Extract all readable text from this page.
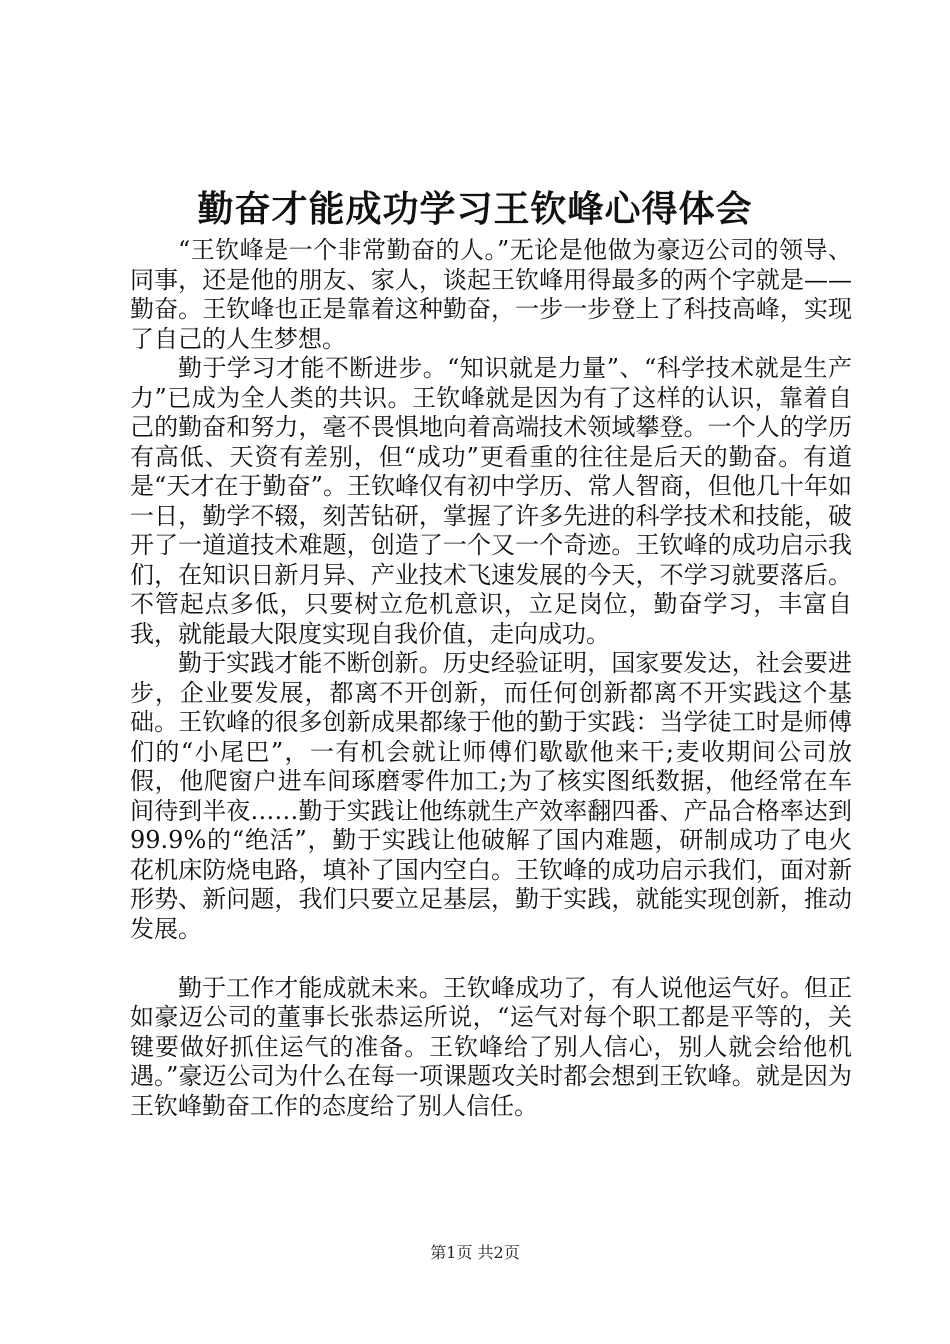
勤奋才能成功学习王钦峰心得体会

“王钦峰是一个非常勤奋的人。”无论是他做为豪迈公司的领导、同事，还是他的朋友、家人，谈起王钦峰用得最多的两个字就是——勤奋。王钦峰也正是靠着这种勤奋，一步一步登上了科技高峰，实现了自己的人生梦想。

勤于学习才能不断进步。“知识就是力量”、“科学技术就是生产力”已成为全人类的共识。王钦峰就是因为有了这样的认识，靠着自己的勤奋和努力，毫不畏惧地向着高端技术领域攀登。一个人的学历有高低、天资有差别，但“成功”更看重的往往是后天的勤奋。有道是“天才在于勤奋”。王钦峰仅有初中学历、常人智商，但他几十年如一日，勤学不辍，刻苦钻研，掌握了许多先进的科学技术和技能，破开了一道道技术难题，创造了一个又一个奇迹。王钦峰的成功启示我们，在知识日新月异、产业技术飞速发展的今天，不学习就要落后。不管起点多低，只要树立危机意识，立足岗位，勤奋学习，丰富自我，就能最大限度实现自我价值，走向成功。

勤于实践才能不断创新。历史经验证明，国家要发达，社会要进步，企业要发展，都离不开创新，而任何创新都离不开实践这个基础。王钦峰的很多创新成果都缘于他的勤于实践：当学徒工时是师傅们的“小尾巴”，一有机会就让师傅们歇歇他来干;麦收期间公司放假，他爬窗户进车间琢磨零件加工;为了核实图纸数据，他经常在车间待到半夜……勤于实践让他练就生产效率翻四番、产品合格率达到99.9%的“绝活”，勤于实践让他破解了国内难题，研制成功了电火花机床防烧电路，填补了国内空白。王钦峰的成功启示我们，面对新形势、新问题，我们只要立足基层，勤于实践，就能实现创新，推动发展。

勤于工作才能成就未来。王钦峰成功了，有人说他运气好。但正如豪迈公司的董事长张恭运所说，“运气对每个职工都是平等的，关键要做好抓住运气的准备。王钦峰给了别人信心，别人就会给他机遇。”豪迈公司为什么在每一项课题攻关时都会想到王钦峰。就是因为王钦峰勤奋工作的态度给了别人信任。

第1页 共2页
